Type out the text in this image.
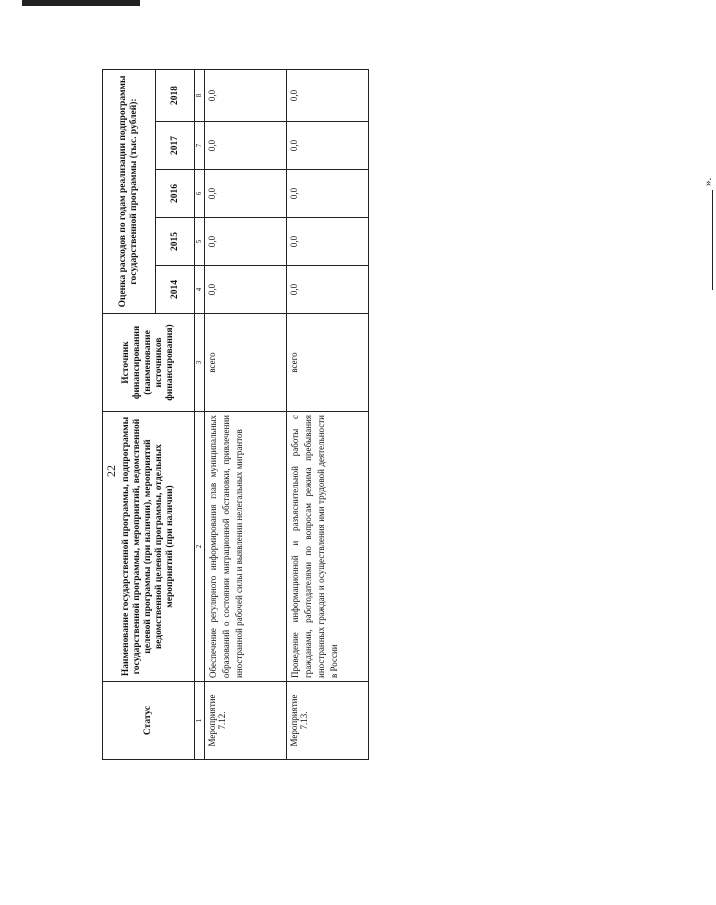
22
Статус	Наименование государственной программы, подпрограммы государственной программы, мероприятий, ведомственной целевой программы (при наличии), мероприятий ведомственной целевой программы, отдельных мероприятий (при наличии)	Источник финансирования (наименование источников финансирования)	Оценка расходов по годам реализации подпрограммы государственной программы (тыс. рублей):				
			2014	2015	2016	2017	2018
1	2	3	4	5	6	7	8
Мероприятие 7.12.	Обеспечение регулярного информирования глав муниципальных образований о состоянии миграционной обстановки, привлечении иностранной рабочей силы и выявлении нелегальных мигрантов	всего	0,0	0,0	0,0	0,0	0,0
Мероприятие 7.13.	Проведение информационной и разъяснительной работы с гражданами, работодателями по вопросам режима пребывания иностранных граждан и осуществления ими трудовой деятельности в России	всего	0,0	0,0	0,0	0,0	0,0
».
